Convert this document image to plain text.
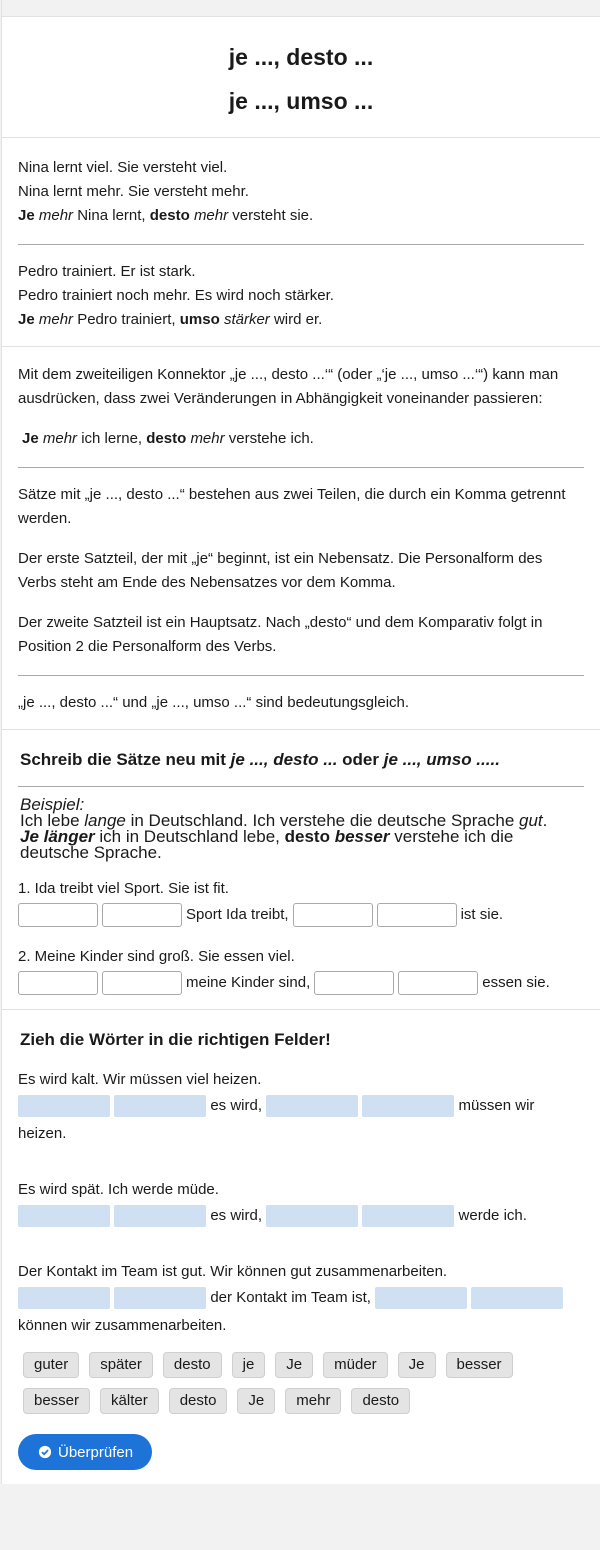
je ..., desto ...
je ..., umso ...

Nina lernt viel. Sie versteht viel.

Nina lernt mehr. Sie versteht mehr.

Je mehr Nina lernt, desto mehr versteht sie.

Pedro trainiert. Er ist stark.

Pedro trainiert noch mehr. Es wird noch stärker.

Je mehr Pedro trainiert, umso stärker wird er.

Mit dem zweiteiligen Konnektor „je ..., desto ...‘“ (oder „‘je ..., umso ...‘“) kann man ausdrücken, dass zwei Veränderungen in Abhängigkeit voneinander passieren:

Je mehr ich lerne, desto mehr verstehe ich.

Sätze mit „je ..., desto ...“ bestehen aus zwei Teilen, die durch ein Komma getrennt werden.

Der erste Satzteil, der mit „je“ beginnt, ist ein Nebensatz. Die Personalform des Verbs steht am Ende des Nebensatzes vor dem Komma.

Der zweite Satzteil ist ein Hauptsatz. Nach „desto“ und dem Komparativ folgt in Position 2 die Personalform des Verbs.

„je ..., desto ...“ und „je ..., umso ...“ sind bedeutungsgleich.

Schreib die Sätze neu mit je ..., desto ... oder je ..., umso .....
Beispiel:
Ich lebe lange in Deutschland. Ich verstehe die deutsche Sprache gut.
Je länger ich in Deutschland lebe, desto besser verstehe ich die deutsche Sprache.
1. Ida treibt viel Sport. Sie ist fit.
Sport Ida treibt,	ist sie.
2. Meine Kinder sind groß. Sie essen viel.
meine Kinder sind,	essen sie.
Zieh die Wörter in die richtigen Felder!
Es wird kalt. Wir müssen viel heizen.
es wird,	müssen wir
heizen.
Es wird spät. Ich werde müde.
es wird,	werde ich.
Der Kontakt im Team ist gut. Wir können gut zusammenarbeiten.
der Kontakt im Team ist,
können wir zusammenarbeiten.
guter	später	desto	je	Je	müder	Je	besser
besser	kälter	desto	Je	mehr	desto
Überprüfen
